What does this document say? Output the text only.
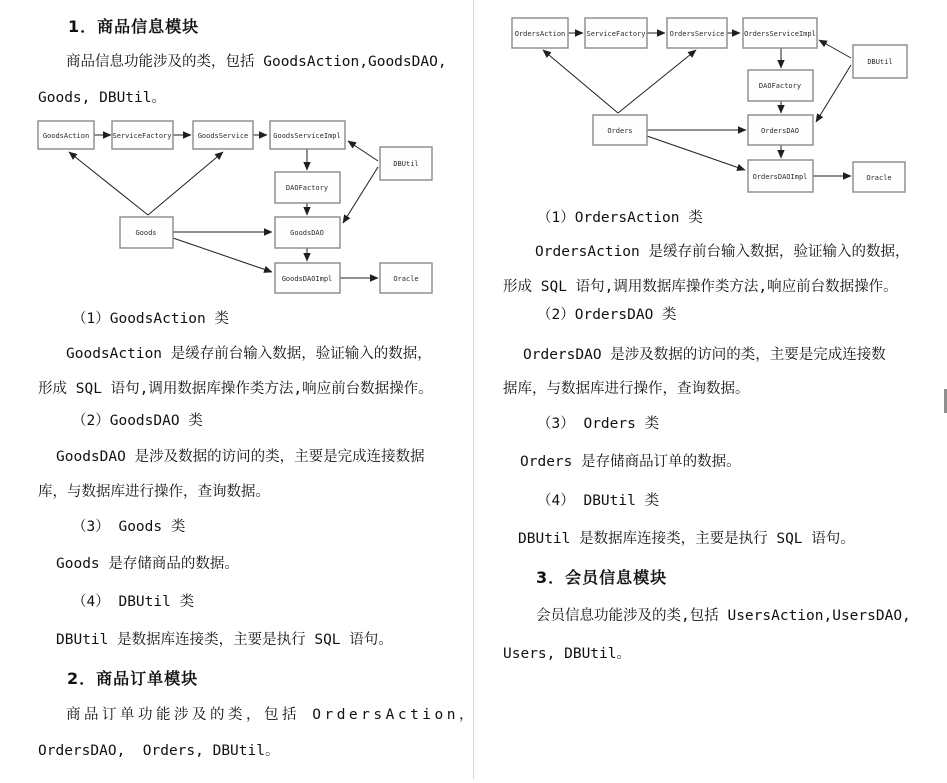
GoodsAction	ServiceFactory	GoodsService	GoodsServiceImpl
DBUtil
DAOFactory
Goods	GoodsDAO
GoodsDAOImpl	Oracle
OrdersAction	ServiceFactory	OrdersService	OrdersServiceImpl
DBUtil
DAOFactory
Orders	OrdersDAO
OrdersDAOImpl	Oracle
1．商品信息模块
商品信息功能涉及的类，包括 GoodsAction,GoodsDAO,
Goods, DBUtil。
（1）GoodsAction 类
GoodsAction 是缓存前台输入数据，验证输入的数据，
形成 SQL 语句,调用数据库操作类方法,响应前台数据操作。
（2）GoodsDAO 类
GoodsDAO 是涉及数据的访问的类，主要是完成连接数据
库，与数据库进行操作，查询数据。
（3） Goods 类
Goods 是存储商品的数据。
（4） DBUtil 类
DBUtil 是数据库连接类，主要是执行 SQL 语句。
2．商品订单模块
商品订单功能涉及的类，包括 OrdersAction，
OrdersDAO,  Orders, DBUtil。
（1）OrdersAction 类
OrdersAction 是缓存前台输入数据，验证输入的数据，
形成 SQL 语句,调用数据库操作类方法,响应前台数据操作。
（2）OrdersDAO 类
OrdersDAO 是涉及数据的访问的类，主要是完成连接数
据库，与数据库进行操作，查询数据。
（3） Orders 类
Orders 是存储商品订单的数据。
（4） DBUtil 类
DBUtil 是数据库连接类，主要是执行 SQL 语句。
3．会员信息模块
会员信息功能涉及的类,包括 UsersAction,UsersDAO,
Users, DBUtil。
